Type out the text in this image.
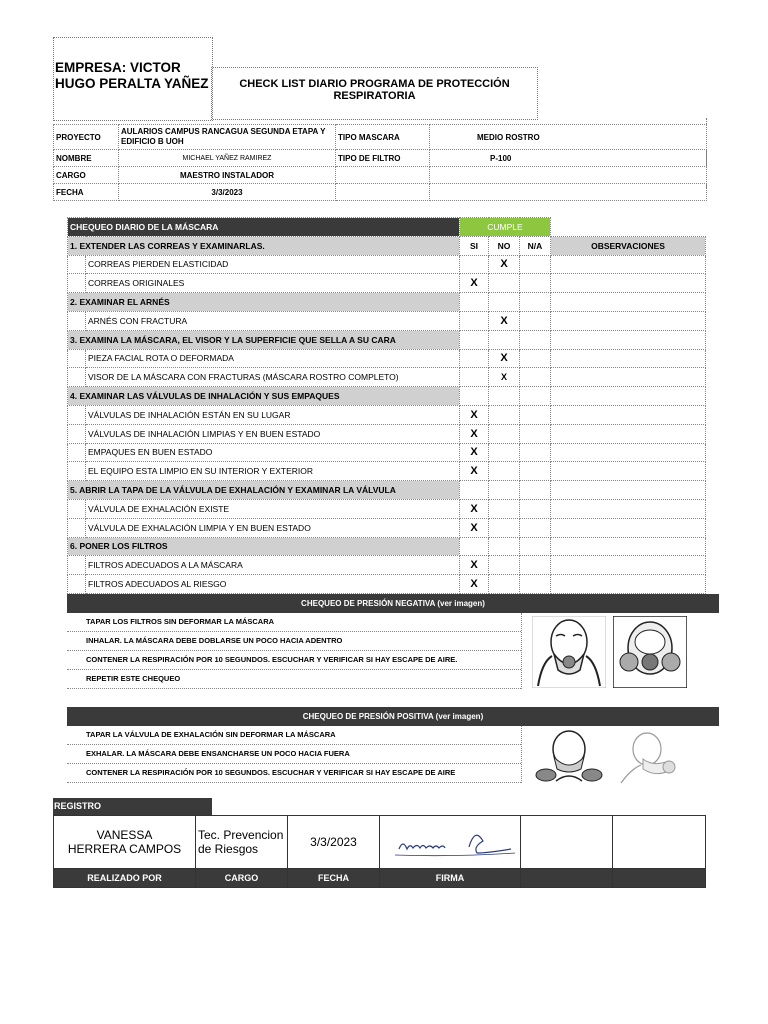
EMPRESA: VICTOR
HUGO PERALTA YAÑEZ	CHECK LIST DIARIO PROGRAMA DE PROTECCIÓN
RESPIRATORIA
PROYECTO	AULARIOS CAMPUS RANCAGUA SEGUNDA ETAPA Y EDIFICIO B UOH	TIPO MASCARA	MEDIO ROSTRO
NOMBRE	MICHAEL YAÑEZ RAMIREZ	TIPO DE FILTRO	P-100
CARGO	MAESTRO INSTALADOR		
FECHA	3/3/2023		
CHEQUEO DIARIO DE LA MÁSCARA		CUMPLE			
1. EXTENDER LAS CORREAS Y EXAMINARLAS.		SI	NO	N/A	OBSERVACIONES
	CORREAS PIERDEN ELASTICIDAD		X		
	CORREAS ORIGINALES	X			
2. EXAMINAR EL ARNÉS					
	ARNÉS CON FRACTURA		X		
3. EXAMINA LA MÁSCARA, EL VISOR Y LA SUPERFICIE QUE SELLA A SU CARA					
	PIEZA FACIAL ROTA O DEFORMADA		X		
	VISOR DE LA MÁSCARA CON FRACTURAS (MÁSCARA ROSTRO COMPLETO)		X		
4. EXAMINAR LAS VÁLVULAS DE INHALACIÓN Y SUS EMPAQUES					
	VÁLVULAS DE INHALACIÓN ESTÁN EN SU LUGAR	X			
	VÁLVULAS DE INHALACIÓN LIMPIAS Y EN BUEN ESTADO	X			
	EMPAQUES EN BUEN ESTADO	X			
	EL EQUIPO ESTA LIMPIO EN SU INTERIOR Y EXTERIOR	X			
5. ABRIR LA TAPA DE LA VÁLVULA DE EXHALACIÓN Y EXAMINAR LA VÁLVULA					
	VÁLVULA DE EXHALACIÓN EXISTE	X			
	VÁLVULA DE EXHALACIÓN LIMPIA Y EN BUEN ESTADO	X			
6. PONER LOS FILTROS					
	FILTROS ADECUADOS A LA MÁSCARA	X			
	FILTROS ADECUADOS AL RIESGO	X			
CHEQUEO DE PRESIÓN NEGATIVA (ver imagen)
TAPAR LOS FILTROS SIN DEFORMAR LA MÁSCARA
INHALAR. LA MÁSCARA DEBE DOBLARSE UN POCO HACIA ADENTRO
CONTENER LA RESPIRACIÓN POR 10 SEGUNDOS. ESCUCHAR Y VERIFICAR SI HAY ESCAPE DE AIRE.
REPETIR ESTE CHEQUEO
CHEQUEO DE PRESIÓN POSITIVA (ver imagen)
TAPAR LA VÁLVULA DE EXHALACIÓN SIN DEFORMAR LA MÁSCARA
EXHALAR. LA MÁSCARA DEBE ENSANCHARSE UN POCO HACIA FUERA
CONTENER LA RESPIRACIÓN POR 10 SEGUNDOS. ESCUCHAR Y VERIFICAR SI HAY ESCAPE DE AIRE
REGISTRO
VANESSA HERRERA CAMPOS	Tec. Prevencion de Riesgos	3/3/2023			
REALIZADO POR	CARGO	FECHA	FIRMA		
